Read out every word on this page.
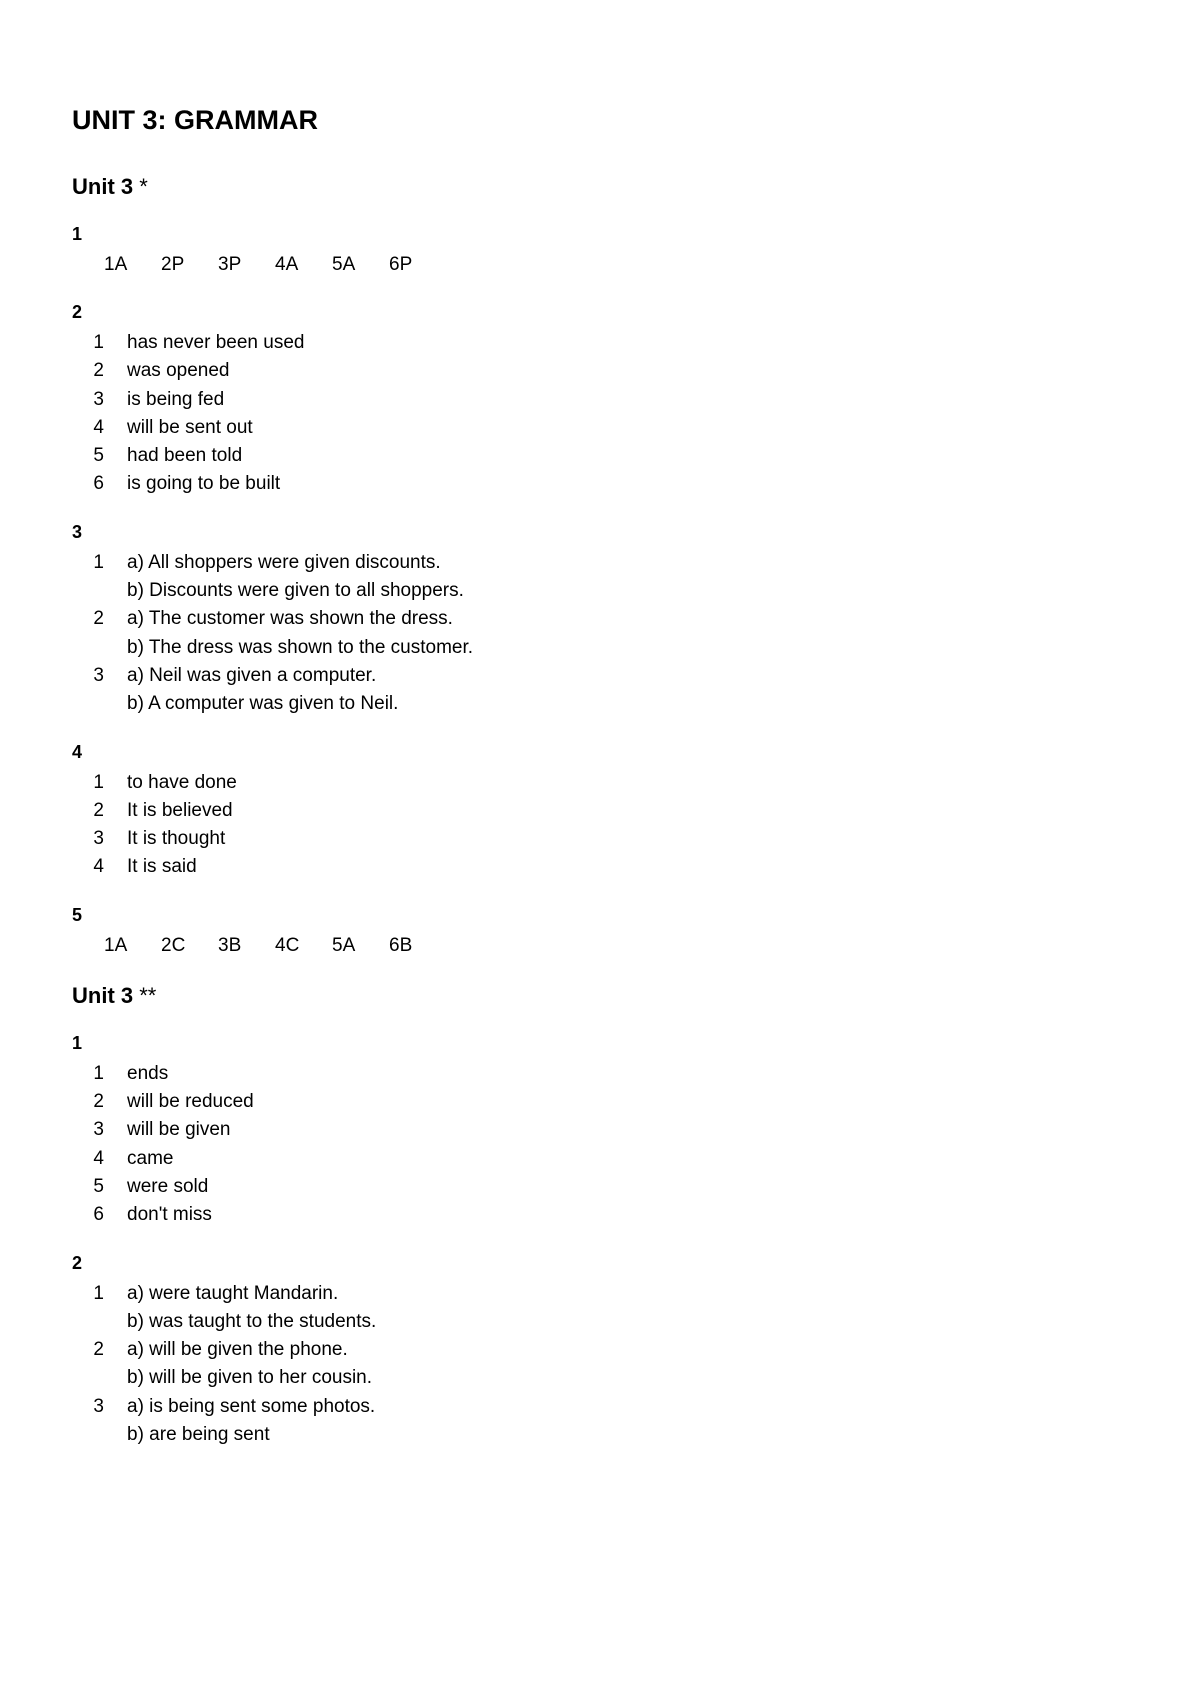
UNIT 3: GRAMMAR
Unit 3 *
1
1A	2P	3P	4A	5A	6P
2
1	has never been used
2	was opened
3	is being fed
4	will be sent out
5	had been told
6	is going to be built
3
1	a) All shoppers were given discounts.
b) Discounts were given to all shoppers.
2	a) The customer was shown the dress.
b) The dress was shown to the customer.
3	a) Neil was given a computer.
b) A computer was given to Neil.
4
1	to have done
2	It is believed
3	It is thought
4	It is said
5
1A	2C	3B	4C	5A	6B
Unit 3 **
1
1	ends
2	will be reduced
3	will be given
4	came
5	were sold
6	don't miss
2
1	a) were taught Mandarin.
b) was taught to the students.
2	a) will be given the phone.
b) will be given to her cousin.
3	a) is being sent some photos.
b) are being sent
